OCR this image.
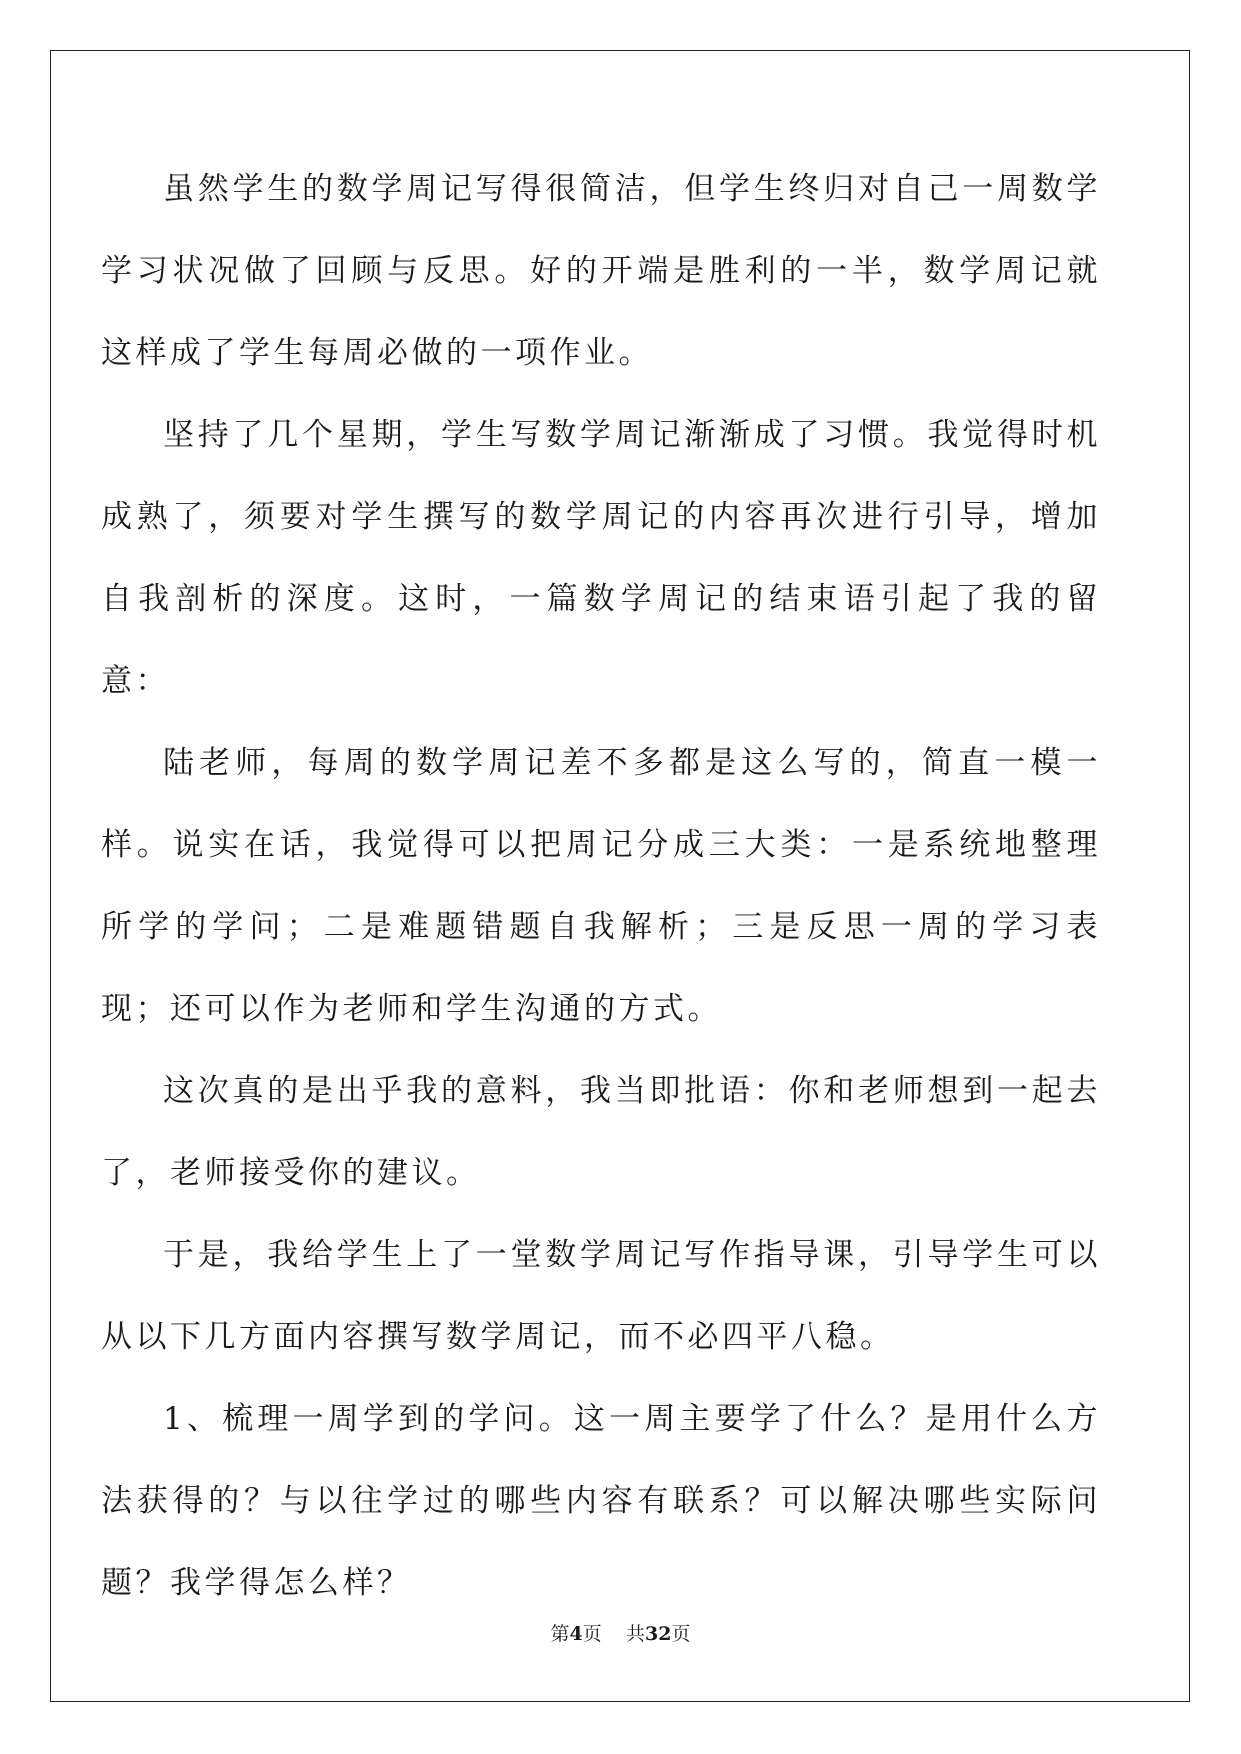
虽然学生的数学周记写得很简洁，但学生终归对自己一周数学学习状况做了回顾与反思。好的开端是胜利的一半，数学周记就这样成了学生每周必做的一项作业。

坚持了几个星期，学生写数学周记渐渐成了习惯。我觉得时机成熟了，须要对学生撰写的数学周记的内容再次进行引导，增加自我剖析的深度。这时，一篇数学周记的结束语引起了我的留意：

陆老师，每周的数学周记差不多都是这么写的，简直一模一样。说实在话，我觉得可以把周记分成三大类：一是系统地整理所学的学问；二是难题错题自我解析；三是反思一周的学习表现；还可以作为老师和学生沟通的方式。

这次真的是出乎我的意料，我当即批语：你和老师想到一起去了，老师接受你的建议。

于是，我给学生上了一堂数学周记写作指导课，引导学生可以从以下几方面内容撰写数学周记，而不必四平八稳。

1、梳理一周学到的学问。这一周主要学了什么？是用什么方法获得的？与以往学过的哪些内容有联系？可以解决哪些实际问题？我学得怎么样？

第4页 共32页
